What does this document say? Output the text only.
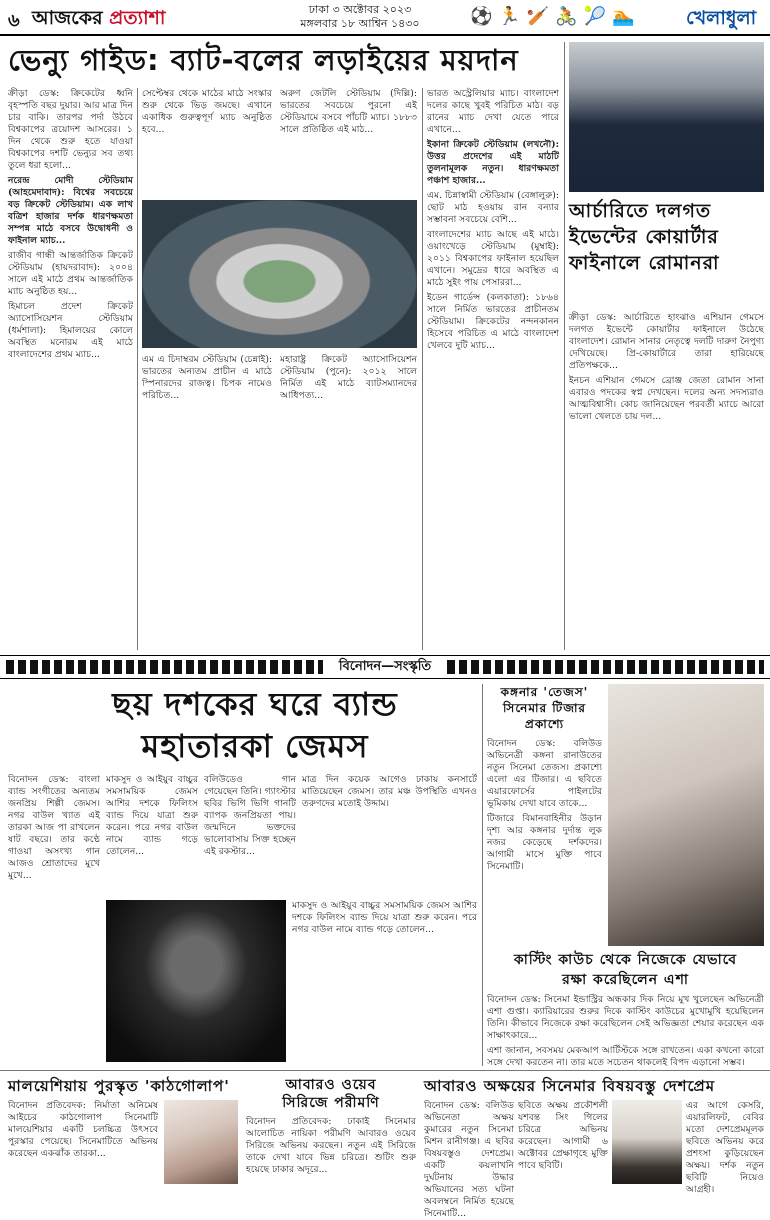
৬ আজকের প্রত্যাশা	ঢাকা ৩ অক্টোবর ২০২৩
মঙ্গলবার ১৮ আশ্বিন ১৪৩০	⚽ 🏃 🏏 🚴 🎾 🏊	খেলাধুলা
ভেন্যু গাইড: ব্যাট-বলের লড়াইয়ের ময়দান

ক্রীড়া ডেস্ক: ক্রিকেটের ধ্বনি বৃহস্পতি বছর দুয়ার। আর মাত্র দিন চার বাকি। তারপর পর্দা উঠবে বিশ্বকাপের ত্রয়োদশ আসরের। ১ দিন থেকে শুরু হতে যাওয়া বিশ্বকাপের দশটি ভেন্যুর সব তথ্য তুলে ধরা হলো...

নরেন্দ্র মোদী স্টেডিয়াম (আহমেদাবাদ): বিশ্বের সবচেয়ে বড় ক্রিকেট স্টেডিয়াম। এক লাখ বত্রিশ হাজার দর্শক ধারণক্ষমতা সম্পন্ন মাঠে বসবে উদ্বোধনী ও ফাইনাল ম্যাচ...

রাজীব গান্ধী আন্তর্জাতিক ক্রিকেট স্টেডিয়াম (হায়দরাবাদ): ২০০৪ সালে এই মাঠে প্রথম আন্তর্জাতিক ম্যাচ অনুষ্ঠিত হয়...

হিমাচল প্রদেশ ক্রিকেট অ্যাসোসিয়েশন স্টেডিয়াম (ধর্মশালা): হিমালয়ের কোলে অবস্থিত মনোরম এই মাঠে বাংলাদেশের প্রথম ম্যাচ...

সেপ্টেম্বর থেকে মাঠের মাঠে সংস্কার শুরু থেকে ভিড় জমছে। এখানে একাধিক গুরুত্বপূর্ণ ম্যাচ অনুষ্ঠিত হবে...

অরুণ জেটলি স্টেডিয়াম (দিল্লি): ভারতের সবচেয়ে পুরনো এই স্টেডিয়ামে বসবে পাঁচটি ম্যাচ। ১৮৮৩ সালে প্রতিষ্ঠিত এই মাঠ...

এম এ চিদাম্বরম স্টেডিয়াম (চেন্নাই): ভারতের অন্যতম প্রাচীন এ মাঠে স্পিনারদের রাজত্ব। চিপক নামেও পরিচিত...

মহারাষ্ট্র ক্রিকেট অ্যাসোসিয়েশন স্টেডিয়াম (পুনে): ২০১২ সালে নির্মিত এই মাঠে ব্যাটসম্যানদের আধিপত্য...

ভারত অস্ট্রেলিয়ার ম্যাচ। বাংলাদেশ দলের কাছে খুবই পরিচিত মাঠ। বড় রানের ম্যাচ দেখা যেতে পারে এখানে...

ইকানা ক্রিকেট স্টেডিয়াম (লখনৌ): উত্তর প্রদেশের এই মাঠটি তুলনামূলক নতুন। ধারণক্ষমতা পঞ্চাশ হাজার...

এম. চিন্নাস্বামী স্টেডিয়াম (বেঙ্গালুরু): ছোট মাঠ হওয়ায় রান বন্যার সম্ভাবনা সবচেয়ে বেশি...

বাংলাদেশের ম্যাচ আছে এই মাঠে। ওয়াংখেড়ে স্টেডিয়াম (মুম্বাই): ২০১১ বিশ্বকাপের ফাইনাল হয়েছিল এখানে। সমুদ্রের ধারে অবস্থিত এ মাঠে সুইং পায় পেসাররা...

ইডেন গার্ডেন্স (কলকাতা): ১৮৬৪ সালে নির্মিত ভারতের প্রাচীনতম স্টেডিয়াম। ক্রিকেটের নন্দনকানন হিসেবে পরিচিত এ মাঠে বাংলাদেশ খেলবে দুটি ম্যাচ...

আর্চারিতে দলগত ইভেন্টের কোয়ার্টার ফাইনালে রোমানরা

ক্রীড়া ডেস্ক: আর্চারিতে হাংঝাও এশিয়ান গেমসে দলগত ইভেন্টে কোয়ার্টার ফাইনালে উঠেছে বাংলাদেশ। রোমান সানার নেতৃত্বে দলটি দারুণ নৈপুণ্য দেখিয়েছে। প্রি-কোয়ার্টারে তারা হারিয়েছে প্রতিপক্ষকে...

ইনচন এশিয়ান গেমসে ব্রোঞ্জ জেতা রোমান সানা এবারও পদকের স্বপ্ন দেখছেন। দলের অন্য সদস্যরাও আত্মবিশ্বাসী। কোচ জানিয়েছেন পরবর্তী ম্যাচে আরো ভালো খেলতে চায় দল...

বিনোদন—সংস্কৃতি
ছয় দশকের ঘরে ব্যান্ড
মহাতারকা জেমস

বিনোদন ডেস্ক: বাংলা ব্যান্ড সংগীতের অন্যতম জনপ্রিয় শিল্পী জেমস। নগর বাউল খ্যাত এই তারকা আজ পা রাখলেন ষাট বছরে। তার কণ্ঠে গাওয়া অসংখ্য গান আজও শ্রোতাদের মুখে মুখে...

মাকসুদ ও আইয়ুব বাচ্চুর সমসাময়িক জেমস আশির দশকে ফিলিংস ব্যান্ড দিয়ে যাত্রা শুরু করেন। পরে নগর বাউল নামে ব্যান্ড গড়ে তোলেন...

বলিউডেও গান গেয়েছেন তিনি। গ্যাংস্টার ছবির ভিগি ভিগি গানটি ব্যাপক জনপ্রিয়তা পায়। জন্মদিনে ভক্তদের ভালোবাসায় সিক্ত হচ্ছেন এই রকস্টার...

মাত্র দিন কয়েক আগেও ঢাকায় কনসার্টে মাতিয়েছেন জেমস। তার মঞ্চ উপস্থিতি এখনও তরুণদের মতোই উদ্দাম।

মাকসুদ ও আইয়ুব বাচ্চুর সমসাময়িক জেমস আশির দশকে ফিলিংস ব্যান্ড দিয়ে যাত্রা শুরু করেন। পরে নগর বাউল নামে ব্যান্ড গড়ে তোলেন...

কঙ্গনার 'তেজস'
সিনেমার টিজার
প্রকাশ্যে

বিনোদন ডেস্ক: বলিউড অভিনেত্রী কঙ্গনা রানাউতের নতুন সিনেমা তেজস। প্রকাশ্যে এলো এর টিজার। এ ছবিতে এয়ারফোর্সের পাইলটের ভূমিকায় দেখা যাবে তাকে...

টিজারে বিমানবাহিনীর উড়ান দৃশ্য আর কঙ্গনার দুর্দান্ত লুক নজর কেড়েছে দর্শকদের। আগামী মাসে মুক্তি পাবে সিনেমাটি।

কাস্টিং কাউচ থেকে নিজেকে যেভাবে
রক্ষা করেছিলেন এশা

বিনোদন ডেস্ক: সিনেমা ইন্ডাস্ট্রির অন্ধকার দিক নিয়ে মুখ খুলেছেন অভিনেত্রী এশা গুপ্তা। ক্যারিয়ারের শুরুর দিকে কাস্টিং কাউচের মুখোমুখি হয়েছিলেন তিনি। কীভাবে নিজেকে রক্ষা করেছিলেন সেই অভিজ্ঞতা শেয়ার করেছেন এক সাক্ষাৎকারে...

এশা জানান, সবসময় মেকআপ আর্টিস্টকে সঙ্গে রাখতেন। একা কখনো কারো সঙ্গে দেখা করতেন না। তার মতে সচেতন থাকলেই বিপদ এড়ানো সম্ভব।

মালয়েশিয়ায় পুরস্কৃত 'কাঠগোলাপ'

বিনোদন প্রতিবেদক: নির্মাতা অনিমেষ আইচের কাঠগোলাপ সিনেমাটি মালয়েশিয়ার একটি চলচ্চিত্র উৎসবে পুরস্কার পেয়েছে। সিনেমাটিতে অভিনয় করেছেন একঝাঁক তারকা...

আবারও ওয়েব
সিরিজে পরীমণি

বিনোদন প্রতিবেদক: ঢাকাই সিনেমার আলোচিত নায়িকা পরীমণি আবারও ওয়েব সিরিজে অভিনয় করছেন। নতুন এই সিরিজে তাকে দেখা যাবে ভিন্ন চরিত্রে। শুটিং শুরু হয়েছে ঢাকার অদূরে...

আবারও অক্ষয়ের সিনেমার বিষয়বস্তু দেশপ্রেম

বিনোদন ডেস্ক: বলিউড অভিনেতা অক্ষয় কুমারের নতুন সিনেমা মিশন রানীগঞ্জ। এ ছবির বিষয়বস্তুও দেশপ্রেম। একটি কয়লাখনি দুর্ঘটনায় উদ্ধার অভিযানের সত্য ঘটনা অবলম্বনে নির্মিত হয়েছে সিনেমাটি...

ছবিতে অক্ষয় প্রকৌশলী যশবন্ত সিং গিলের চরিত্রে অভিনয় করেছেন। আগামী ৬ অক্টোবর প্রেক্ষাগৃহে মুক্তি পাবে ছবিটি।

এর আগে কেসরি, এয়ারলিফট, বেবির মতো দেশপ্রেমমূলক ছবিতে অভিনয় করে প্রশংসা কুড়িয়েছেন অক্ষয়। দর্শক নতুন ছবিটি নিয়েও আগ্রহী।
